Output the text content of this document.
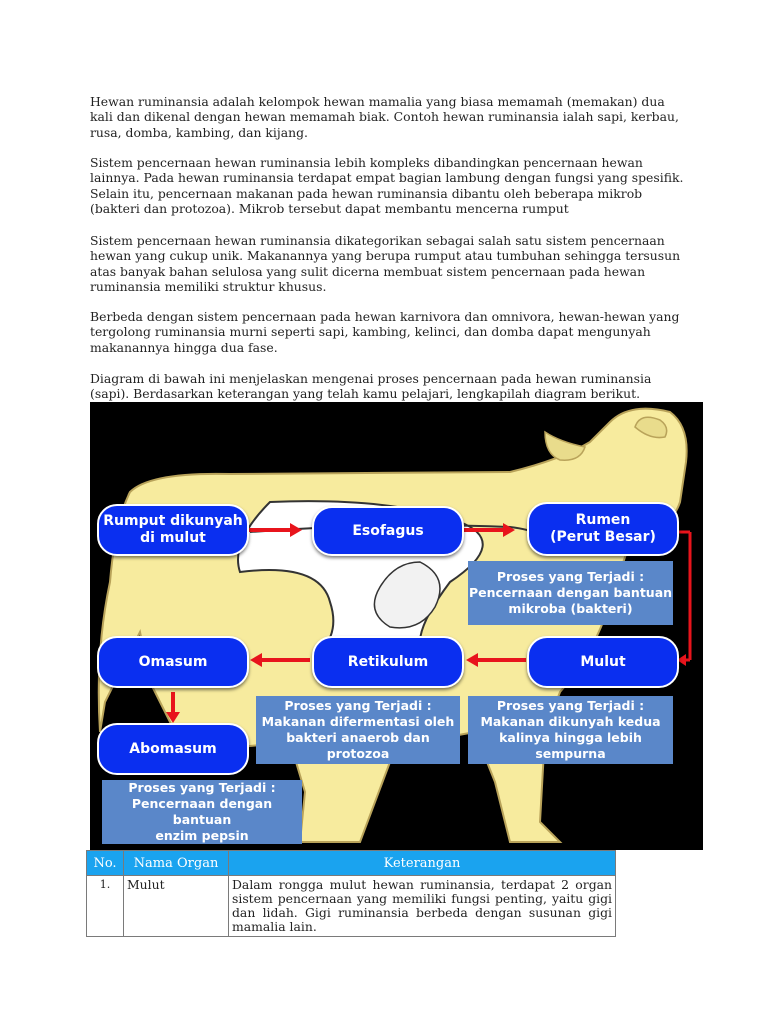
Hewan ruminansia adalah kelompok hewan mamalia yang biasa memamah (memakan) dua kali dan dikenal dengan hewan memamah biak. Contoh hewan ruminansia ialah sapi, kerbau, rusa, domba, kambing, dan kijang.

Sistem pencernaan hewan ruminansia lebih kompleks dibandingkan pencernaan hewan lainnya. Pada hewan ruminansia terdapat empat bagian lambung dengan fungsi yang spesifik. Selain itu, pencernaan makanan pada hewan ruminansia dibantu oleh beberapa mikrob (bakteri dan protozoa). Mikrob tersebut dapat membantu mencerna rumput

Sistem pencernaan hewan ruminansia dikategorikan sebagai salah satu sistem pencernaan hewan yang cukup unik. Makanannya yang berupa rumput atau tumbuhan sehingga tersusun atas banyak bahan selulosa yang sulit dicerna membuat sistem pencernaan pada hewan ruminansia memiliki struktur khusus.

Berbeda dengan sistem pencernaan pada hewan karnivora dan omnivora, hewan-hewan yang tergolong ruminansia murni seperti sapi, kambing, kelinci, dan domba dapat mengunyah makanannya hingga dua fase.

Diagram di bawah ini menjelaskan mengenai proses pencernaan pada hewan ruminansia (sapi). Berdasarkan keterangan yang telah kamu pelajari, lengkapilah diagram berikut.

Rumput dikunyah
di mulut	Esofagus
Rumen
(Perut Besar)
Proses yang Terjadi :
Pencernaan dengan bantuan
mikroba (bakteri)
Mulut
Retikulum
Omasum
Proses yang Terjadi :
Makanan difermentasi oleh
bakteri anaerob dan protozoa
Proses yang Terjadi :
Makanan dikunyah kedua
kalinya hingga lebih sempurna
Abomasum
Proses yang Terjadi :
Pencernaan dengan bantuan
enzim pepsin
No.	Nama Organ	Keterangan
1.	Mulut	Dalam rongga mulut hewan ruminansia, terdapat 2 organ sistem pencernaan yang memiliki fungsi penting, yaitu gigi dan lidah. Gigi ruminansia berbeda dengan susunan gigi mamalia lain.
